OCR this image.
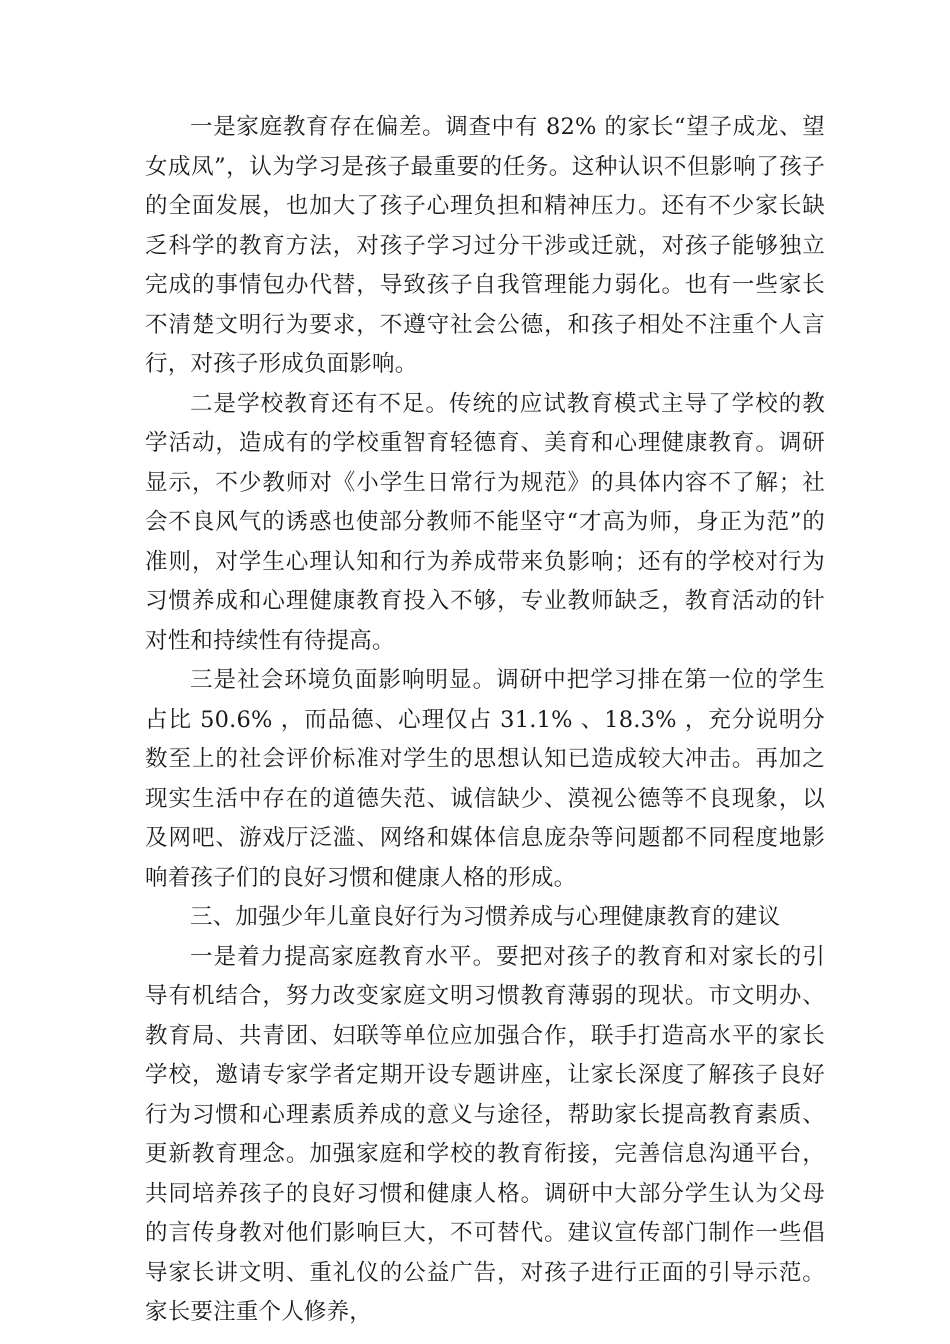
一是家庭教育存在偏差。调查中有 82% 的家长“望子成龙、望女成凤”，认为学习是孩子最重要的任务。这种认识不但影响了孩子的全面发展，也加大了孩子心理负担和精神压力。还有不少家长缺乏科学的教育方法，对孩子学习过分干涉或迁就，对孩子能够独立完成的事情包办代替，导致孩子自我管理能力弱化。也有一些家长不清楚文明行为要求，不遵守社会公德，和孩子相处不注重个人言行，对孩子形成负面影响。

二是学校教育还有不足。传统的应试教育模式主导了学校的教学活动，造成有的学校重智育轻德育、美育和心理健康教育。调研显示，不少教师对《小学生日常行为规范》的具体内容不了解；社会不良风气的诱惑也使部分教师不能坚守“才高为师，身正为范”的准则，对学生心理认知和行为养成带来负影响；还有的学校对行为习惯养成和心理健康教育投入不够，专业教师缺乏，教育活动的针对性和持续性有待提高。

三是社会环境负面影响明显。调研中把学习排在第一位的学生占比 50.6% ，而品德、心理仅占 31.1% 、18.3% ，充分说明分数至上的社会评价标准对学生的思想认知已造成较大冲击。再加之现实生活中存在的道德失范、诚信缺少、漠视公德等不良现象，以及网吧、游戏厅泛滥、网络和媒体信息庞杂等问题都不同程度地影响着孩子们的良好习惯和健康人格的形成。

三、加强少年儿童良好行为习惯养成与心理健康教育的建议

一是着力提高家庭教育水平。要把对孩子的教育和对家长的引导有机结合，努力改变家庭文明习惯教育薄弱的现状。市文明办、教育局、共青团、妇联等单位应加强合作，联手打造高水平的家长学校，邀请专家学者定期开设专题讲座，让家长深度了解孩子良好行为习惯和心理素质养成的意义与途径，帮助家长提高教育素质、更新教育理念。加强家庭和学校的教育衔接，完善信息沟通平台，共同培养孩子的良好习惯和健康人格。调研中大部分学生认为父母的言传身教对他们影响巨大，不可替代。建议宣传部门制作一些倡导家长讲文明、重礼仪的公益广告，对孩子进行正面的引导示范。家长要注重个人修养，
